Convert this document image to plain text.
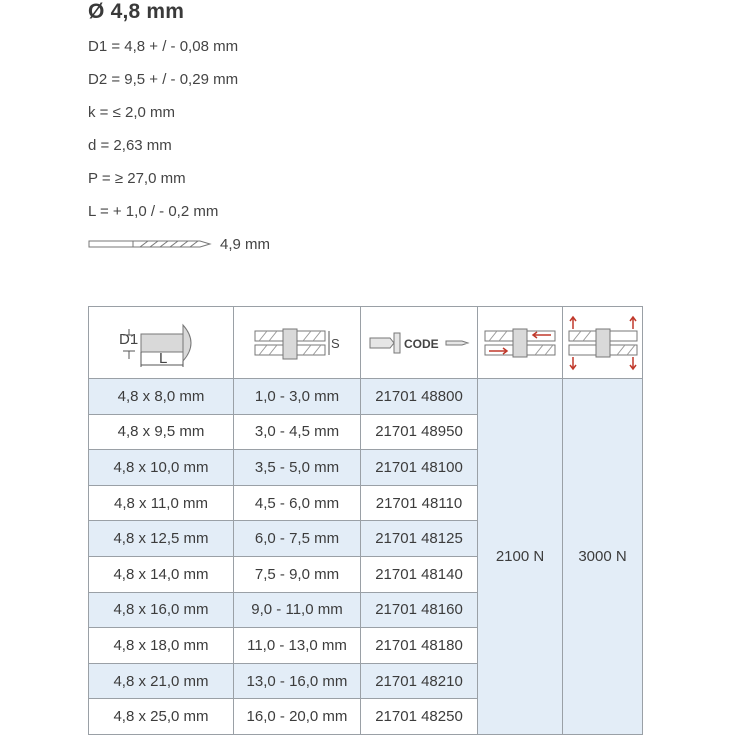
Ø 4,8 mm
D1 = 4,8 + / - 0,08 mm
D2 = 9,5 + / - 0,29 mm
k = ≤ 2,0 mm
d = 2,63 mm
P = ≥ 27,0 mm
L = + 1,0 / - 0,2 mm
4,9 mm
D1
L	S	CODE

4,8 x 8,0 mm	1,0 - 3,0 mm	21701 48800	2100 N	3000 N
4,8 x 9,5 mm	3,0 - 4,5 mm	21701 48950		
4,8 x 10,0 mm	3,5 - 5,0 mm	21701 48100		
4,8 x 11,0 mm	4,5 - 6,0 mm	21701 48110		
4,8 x 12,5 mm	6,0 - 7,5 mm	21701 48125		
4,8 x 14,0 mm	7,5 - 9,0 mm	21701 48140		
4,8 x 16,0 mm	9,0 - 11,0 mm	21701 48160		
4,8 x 18,0 mm	11,0 - 13,0 mm	21701 48180		
4,8 x 21,0 mm	13,0 - 16,0 mm	21701 48210		
4,8 x 25,0 mm	16,0 - 20,0 mm	21701 48250		
